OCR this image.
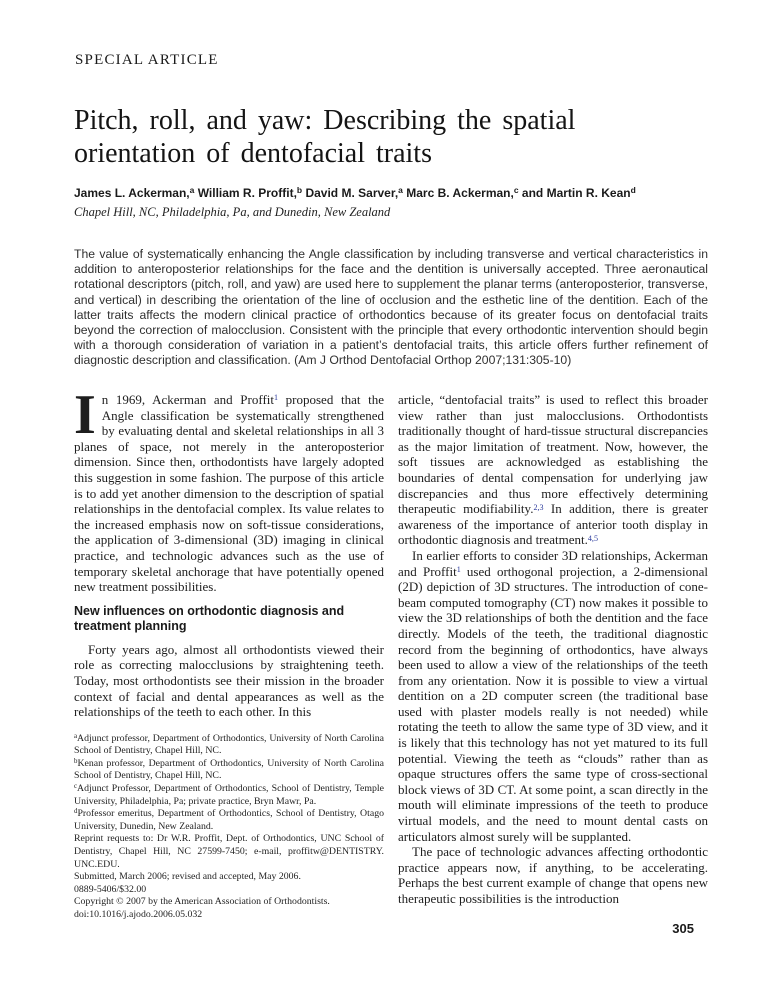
SPECIAL ARTICLE
Pitch, roll, and yaw: Describing the spatial orientation of dentofacial traits
James L. Ackerman,$^a$ William R. Proffit,$^b$ David M. Sarver,$^a$ Marc B. Ackerman,$^c$ and Martin R. Kean$^d$
Chapel Hill, NC, Philadelphia, Pa, and Dunedin, New Zealand
The value of systematically enhancing the Angle classification by including transverse and vertical characteristics in addition to anteroposterior relationships for the face and the dentition is universally accepted. Three aeronautical rotational descriptors (pitch, roll, and yaw) are used here to supplement the planar terms (anteroposterior, transverse, and vertical) in describing the orientation of the line of occlusion and the esthetic line of the dentition. Each of the latter traits affects the modern clinical practice of orthodontics because of its greater focus on dentofacial traits beyond the correction of malocclusion. Consistent with the principle that every orthodontic intervention should begin with a thorough consideration of variation in a patient’s dentofacial traits, this article offers further refinement of diagnostic description and classification. (Am J Orthod Dentofacial Orthop 2007;131:305-10)

In 1969, Ackerman and Proffit$^1$ proposed that the Angle classification be systematically strengthened by evaluating dental and skeletal relationships in all 3 planes of space, not merely in the anteroposterior dimension. Since then, orthodontists have largely adopted this suggestion in some fashion. The purpose of this article is to add yet another dimension to the description of spatial relationships in the dentofacial complex. Its value relates to the increased emphasis now on soft-tissue considerations, the application of 3-dimensional (3D) imaging in clinical practice, and technologic advances such as the use of temporary skeletal anchorage that have potentially opened new treatment possibilities.

New influences on orthodontic diagnosis and treatment planning

Forty years ago, almost all orthodontists viewed their role as correcting malocclusions by straightening teeth. Today, most orthodontists see their mission in the broader context of facial and dental appearances as well as the relationships of the teeth to each other. In this

$^a$Adjunct professor, Department of Orthodontics, University of North Carolina School of Dentistry, Chapel Hill, NC.
$^b$Kenan professor, Department of Orthodontics, University of North Carolina School of Dentistry, Chapel Hill, NC.
$^c$Adjunct Professor, Department of Orthodontics, School of Dentistry, Temple University, Philadelphia, Pa; private practice, Bryn Mawr, Pa.
$^d$Professor emeritus, Department of Orthodontics, School of Dentistry, Otago University, Dunedin, New Zealand.
Reprint requests to: Dr W.R. Proffit, Dept. of Orthodontics, UNC School of Dentistry, Chapel Hill, NC 27599-7450; e-mail, proffitw@DENTISTRY. UNC.EDU.
Submitted, March 2006; revised and accepted, May 2006.
0889-5406/$32.00
Copyright © 2007 by the American Association of Orthodontists.
doi:10.1016/j.ajodo.2006.05.032

article, “dentofacial traits” is used to reflect this broader view rather than just malocclusions. Orthodontists traditionally thought of hard-tissue structural discrepancies as the major limitation of treatment. Now, however, the soft tissues are acknowledged as establishing the boundaries of dental compensation for underlying jaw discrepancies and thus more effectively determining therapeutic modifiability.$^{2,3}$ In addition, there is greater awareness of the importance of anterior tooth display in orthodontic diagnosis and treatment.$^{4,5}$

In earlier efforts to consider 3D relationships, Ackerman and Proffit$^1$ used orthogonal projection, a 2-dimensional (2D) depiction of 3D structures. The introduction of cone-beam computed tomography (CT) now makes it possible to view the 3D relationships of both the dentition and the face directly. Models of the teeth, the traditional diagnostic record from the beginning of orthodontics, have always been used to allow a view of the relationships of the teeth from any orientation. Now it is possible to view a virtual dentition on a 2D computer screen (the traditional base used with plaster models really is not needed) while rotating the teeth to allow the same type of 3D view, and it is likely that this technology has not yet matured to its full potential. Viewing the teeth as “clouds” rather than as opaque structures offers the same type of cross-sectional block views of 3D CT. At some point, a scan directly in the mouth will eliminate impressions of the teeth to produce virtual models, and the need to mount dental casts on articulators almost surely will be supplanted.

The pace of technologic advances affecting orthodontic practice appears now, if anything, to be accelerating. Perhaps the best current example of change that opens new therapeutic possibilities is the introduction

305
